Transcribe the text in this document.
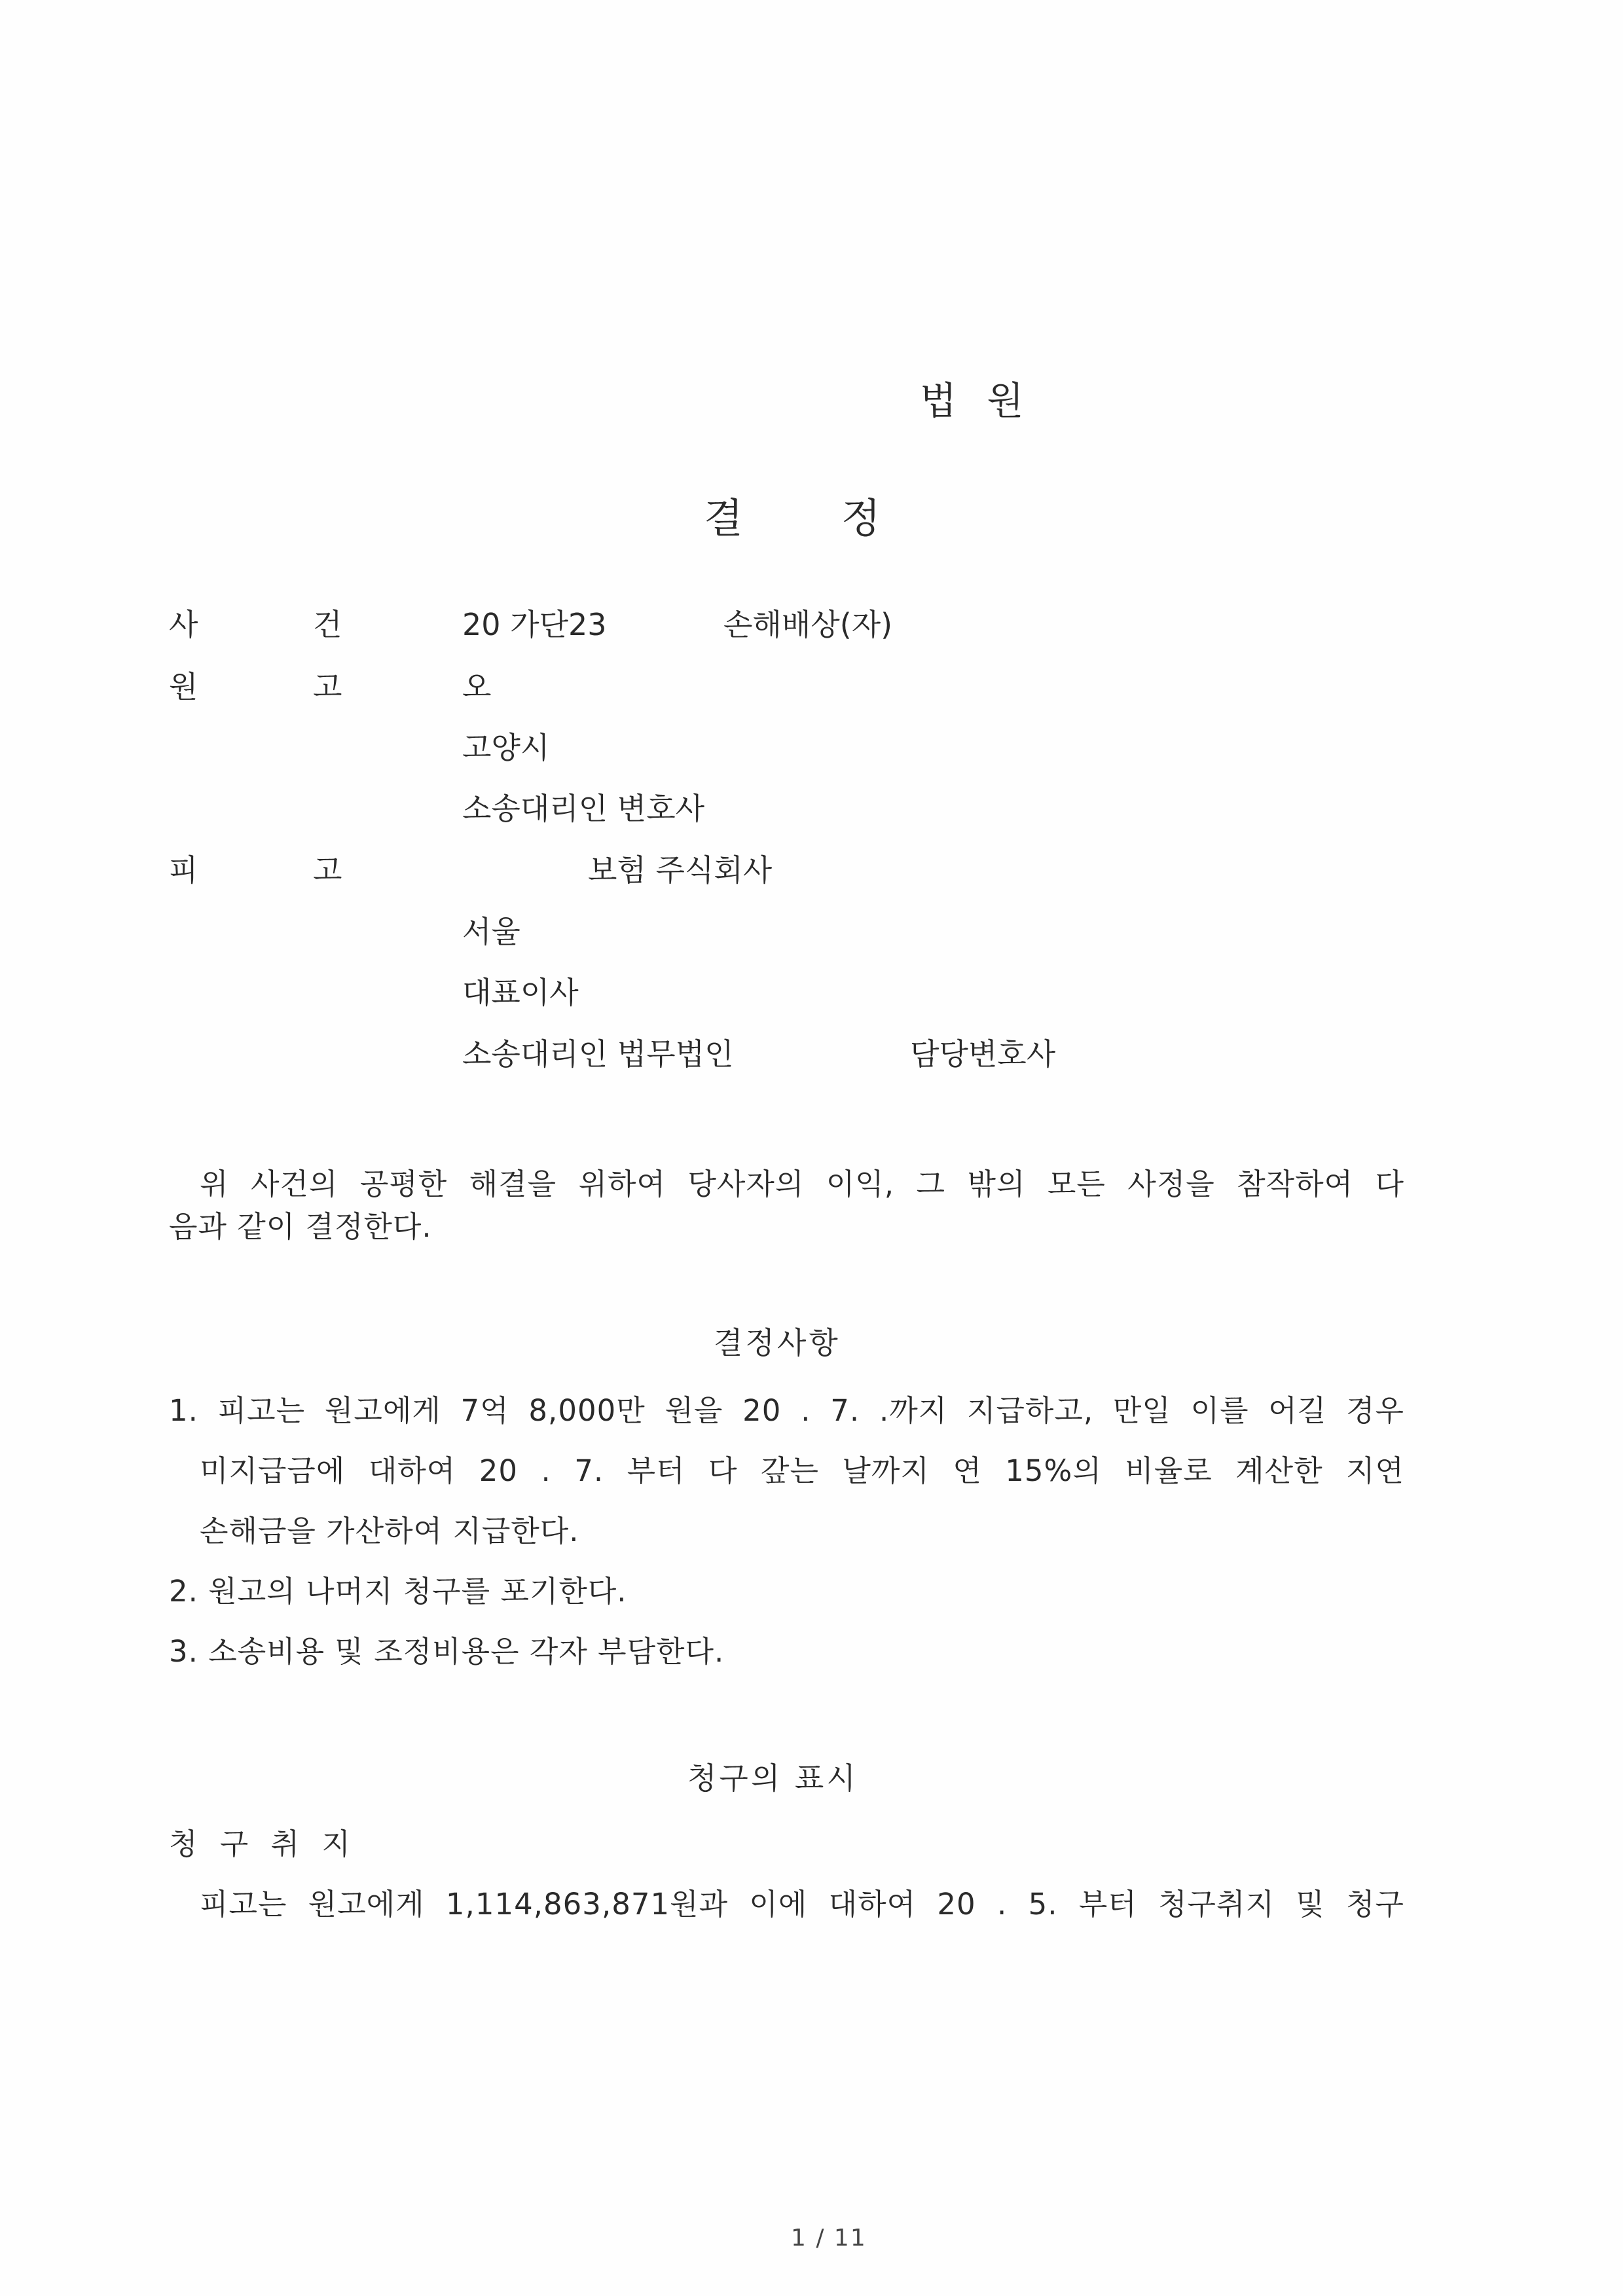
법 원
결 정
사	건	20 가단23	손해배상(자)
원	고	오
고양시
소송대리인 변호사
피	고	보험 주식회사
서울
대표이사
소송대리인 법무법인	담당변호사
위 사건의 공평한 해결을 위하여 당사자의 이익, 그 밖의 모든 사정을 참작하여 다
음과 같이 결정한다.
결정사항
1. 피고는 원고에게 7억 8,000만 원을 20 . 7. .까지 지급하고, 만일 이를 어길 경우
미지급금에 대하여 20 . 7. 부터 다 갚는 날까지 연 15%의 비율로 계산한 지연
손해금을 가산하여 지급한다.
2. 원고의 나머지 청구를 포기한다.
3. 소송비용 및 조정비용은 각자 부담한다.
청구의 표시
청 구 취 지
피고는 원고에게 1,114,863,871원과 이에 대하여 20 . 5. 부터 청구취지 및 청구
1 / 11
